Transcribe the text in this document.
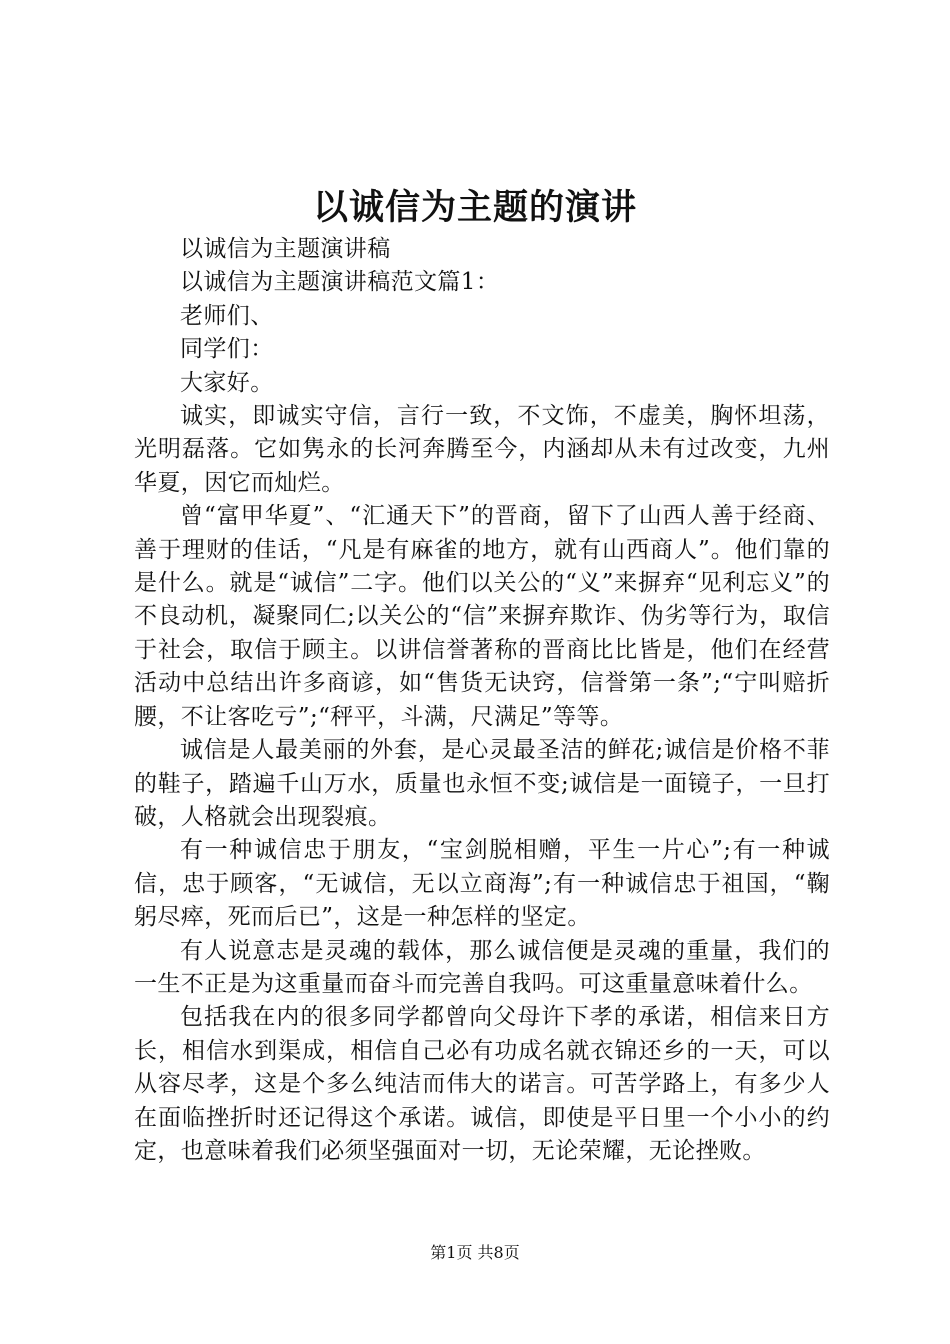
以诚信为主题的演讲

以诚信为主题演讲稿

以诚信为主题演讲稿范文篇1：

老师们、

同学们：

大家好。

诚实，即诚实守信，言行一致，不文饰，不虚美，胸怀坦荡，光明磊落。它如隽永的长河奔腾至今，内涵却从未有过改变，九州华夏，因它而灿烂。

曾“富甲华夏”、“汇通天下”的晋商，留下了山西人善于经商、善于理财的佳话，“凡是有麻雀的地方，就有山西商人”。他们靠的是什么。就是“诚信”二字。他们以关公的“义”来摒弃“见利忘义”的不良动机，凝聚同仁;以关公的“信”来摒弃欺诈、伪劣等行为，取信于社会，取信于顾主。以讲信誉著称的晋商比比皆是，他们在经营活动中总结出许多商谚，如“售货无诀窍，信誉第一条”;“宁叫赔折腰，不让客吃亏”;“秤平，斗满，尺满足”等等。

诚信是人最美丽的外套，是心灵最圣洁的鲜花;诚信是价格不菲的鞋子，踏遍千山万水，质量也永恒不变;诚信是一面镜子，一旦打破，人格就会出现裂痕。

有一种诚信忠于朋友，“宝剑脱相赠，平生一片心”;有一种诚信，忠于顾客，“无诚信，无以立商海”;有一种诚信忠于祖国，“鞠躬尽瘁，死而后已”，这是一种怎样的坚定。

有人说意志是灵魂的载体，那么诚信便是灵魂的重量，我们的一生不正是为这重量而奋斗而完善自我吗。可这重量意味着什么。

包括我在内的很多同学都曾向父母许下孝的承诺，相信来日方长，相信水到渠成，相信自己必有功成名就衣锦还乡的一天，可以从容尽孝，这是个多么纯洁而伟大的诺言。可苦学路上，有多少人在面临挫折时还记得这个承诺。诚信，即使是平日里一个小小的约定，也意味着我们必须坚强面对一切，无论荣耀，无论挫败。

第1页 共8页
